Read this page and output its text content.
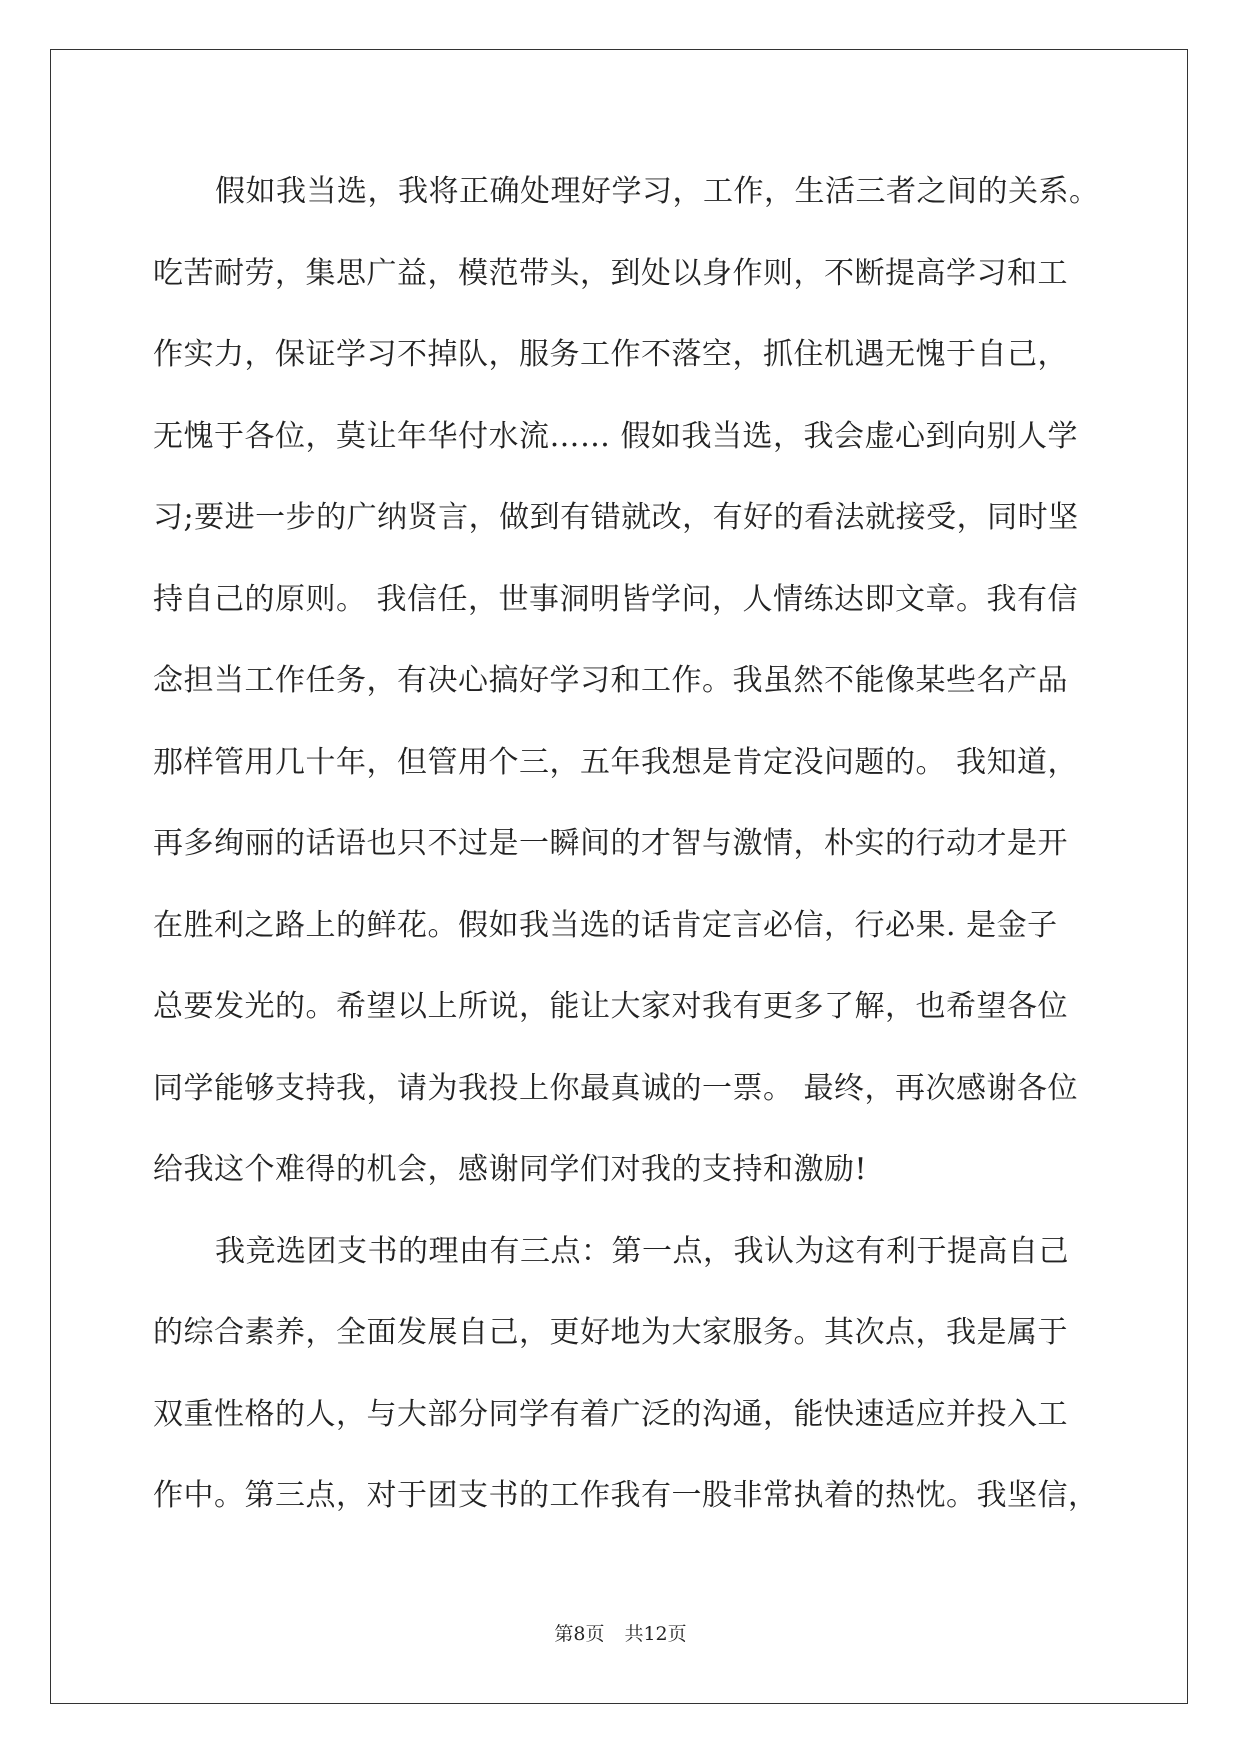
假如我当选，我将正确处理好学习，工作，生活三者之间的关系。
吃苦耐劳，集思广益，模范带头，到处以身作则，不断提高学习和工
作实力，保证学习不掉队，服务工作不落空，抓住机遇无愧于自己，
无愧于各位，莫让年华付水流…… 假如我当选，我会虚心到向别人学
习;要进一步的广纳贤言，做到有错就改，有好的看法就接受，同时坚
持自己的原则。 我信任，世事洞明皆学问，人情练达即文章。我有信
念担当工作任务，有决心搞好学习和工作。我虽然不能像某些名产品
那样管用几十年，但管用个三，五年我想是肯定没问题的。 我知道，
再多绚丽的话语也只不过是一瞬间的才智与激情，朴实的行动才是开
在胜利之路上的鲜花。假如我当选的话肯定言必信，行必果. 是金子
总要发光的。希望以上所说，能让大家对我有更多了解，也希望各位
同学能够支持我，请为我投上你最真诚的一票。 最终，再次感谢各位
给我这个难得的机会，感谢同学们对我的支持和激励!
我竞选团支书的理由有三点：第一点，我认为这有利于提高自己
的综合素养，全面发展自己，更好地为大家服务。其次点，我是属于
双重性格的人，与大部分同学有着广泛的沟通，能快速适应并投入工
作中。第三点，对于团支书的工作我有一股非常执着的热忱。我坚信，
第8页 共12页
